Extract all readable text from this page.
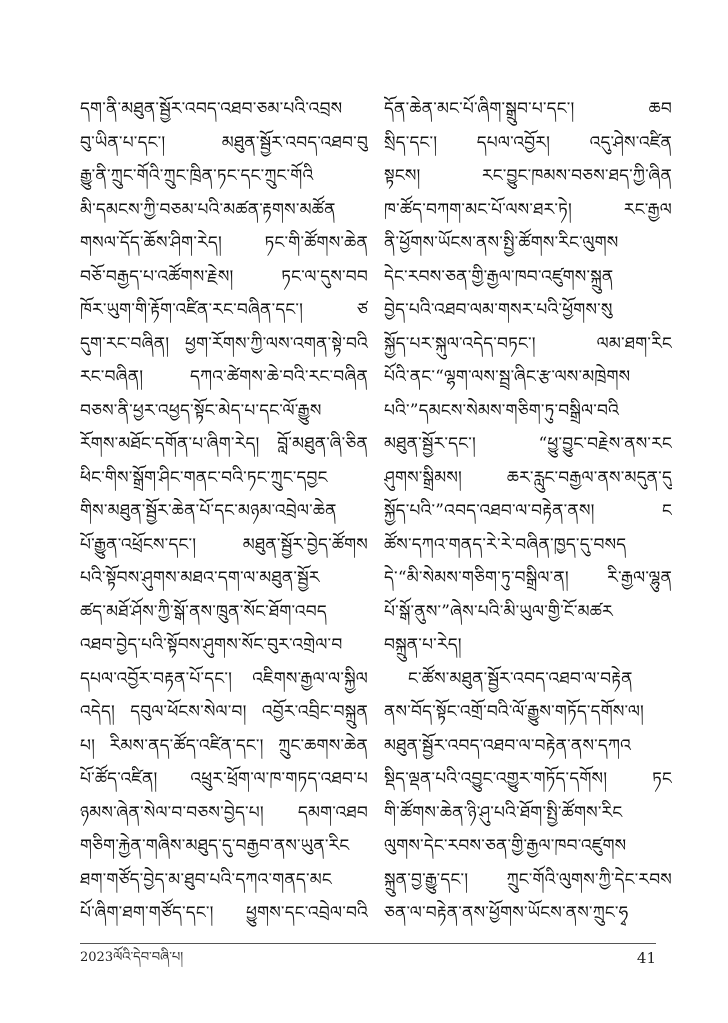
དག་ནི་མཐུན་སྦྱོར་འབད་འཐབ་ཅམ་པའི་འབྲས
བུ་ཡིན་པ་དང་། མཐུན་སྦྱོར་འབད་འཐབ་བུ
རྒྱུ་ནི་ཀྲུང་གོའི་ཀྲུང་ཁྲིན་ཏང་དང་ཀྲུང་གོའི
མི་དམངས་ཀྱི་བཅམ་པའི་མཚན་རྟགས་མཚོན
གསལ་དོད་ཆོས་ཤིག་རེད། ཏང་གི་ཚོགས་ཆེན
བཅོ་བརྒྱད་པ་འཚོགས་རྗེས། ཏང་ལ་དུས་བབ
ཁོར་ཡུག་གི་རྟོག་འཛིན་རང་བཞིན་དང་། ཙ
དུག་རང་བཞིན། ཕྱག་རོགས་ཀྱི་ལས་འགན་སྟེ་བའི
རང་བཞིན། དཀའ་ཚེགས་ཆེ་བའི་རང་བཞིན
བཅས་ནི་ཕྱར་འཕྱད་སྟོང་མེད་པ་དང་ལོ་རྒྱུས
རོགས་མཐོང་དགོན་པ་ཞིག་རེད། བློ་མཐུན་ཞི་ཅིན
ཕིང་གིས་སྒྲོག་ཤིང་གནང་བའི་ཏང་ཀྲུང་དབྱང
གིས་མཐུན་སྦྱོར་ཆེན་པོ་དང་མཉམ་འབྲེལ་ཆེན
པོ་རྒྱུན་འཕྲོངས་དང་། མཐུན་སྦྱོར་བྱེད་ཚོགས
པའི་སྟོབས་ཤུགས་མཐའ་དག་ལ་མཐུན་སྦྱོར
ཚད་མཐོ་ཤོས་ཀྱི་སྒོ་ནས་ཁྲུན་སོང་ཐོག་འབད
འཐབ་བྱེད་པའི་སྟོབས་ཤུགས་སོང་བུར་འགྲེལ་བ
དཔལ་འབྱོར་བརྟན་པོ་དང་། འཇིགས་རྒྱལ་ལ་སྐྱིལ
འདེད། དབུལ་ཕོངས་སེལ་བ། འབྱོར་འབྲིང་བསྐྲུན
པ། རིམས་ནད་ཚོད་འཛིན་དང་། ཀྲུང་ཆགས་ཆེན
པོ་ཚོད་འཛིན། འཕྲུར་ཕྲོག་ལ་ཁ་གཏད་འཐབ་པ
ཉམས་ཞེན་སེལ་བ་བཅས་བྱེད་པ། དམག་འཐབ
གཅིག་རྐྱེན་གཞིས་མཐུད་དུ་བརྒྱབ་ནས་ཡུན་རིང
ཐག་གཙོད་བྱེད་མ་ཐུབ་པའི་དཀའ་གནད་མང
པོ་ཞིག་ཐག་གཙོད་དང་། ཕྱུགས་དང་འབྲེལ་བའི
དོན་ཆེན་མང་པོ་ཞིག་སྒྲུབ་པ་དང་། ཆབ
སྲིད་དང་། དཔལ་འབྱོར། འདུ་ཤེས་འཛིན
སྟངས། རང་བྱུང་ཁམས་བཅས་ཐད་ཀྱི་ཞིན
ཁ་ཚོད་བཀག་མང་པོ་ལས་ཐར་ཏེ། རང་རྒྱལ
ནི་ཕྱོགས་ཡོངས་ནས་སྤྱི་ཚོགས་རིང་ལུགས
དེང་རབས་ཅན་གྱི་རྒྱལ་ཁབ་འཛུགས་སྐྲུན
བྱེད་པའི་འཐབ་ལམ་གསར་པའི་ཕྱོགས་སུ
སྐྱོད་པར་སྐུལ་འདེད་བཏང་། ལམ་ཐག་རིང
པོའི་ནང་“ལྷག་ལས་སྦྲ་ཞིང་རྩ་ལས་མཁྲེགས
པའི་”དམངས་སེམས་གཅིག་ཏུ་བསྒྲིལ་བའི
མཐུན་སྦྱོར་དང་། “ཕྱུ་བྱུང་བརྗེས་ནས་རང
ཤུགས་སྒྲིམས། ཆར་རླུང་བརྒྱལ་ནས་མདུན་དུ
སྐྱོད་པའི་”འབད་འཐབ་ལ་བརྟེན་ནས། ང
ཚོས་དཀའ་གནད་རེ་རེ་བཞིན་ཁྱད་དུ་བསད
དེ་“མི་སེམས་གཅིག་ཏུ་བསྒྲིལ་ན། རི་རྒྱལ་ལྷུན
པོ་སྒོ་ནུས་”ཞེས་པའི་མི་ཡུལ་གྱི་ངོ་མཚར
བསྐྲུན་པ་རེད།
ང་ཚོས་མཐུན་སྦྱོར་འབད་འཐབ་ལ་བརྟེན
ནས་བོད་སྟོང་འགྲོ་བའི་ལོ་རྒྱུས་གཏོད་དགོས་ལ།
མཐུན་སྦྱོར་འབད་འཐབ་ལ་བརྟེན་ནས་དཀའ
སྡིད་ལྡན་པའི་འབྱུང་འགྱུར་གཏོད་དགོས། ཏང
གི་ཚོགས་ཆེན་ཉི་ཤུ་པའི་ཐོག་སྤྱི་ཚོགས་རིང
ལུགས་དེང་རབས་ཅན་གྱི་རྒྱལ་ཁབ་འཛུགས
སྐྲུན་བྱ་རྒྱུ་དང་། ཀྲུང་གོའི་ལུགས་ཀྱི་དེང་རབས
ཅན་ལ་བརྟེན་ནས་ཕྱོགས་ཡོངས་ནས་ཀྲུང་ཧྭ
2023ལོའི་དེབ་བཞི་པ།	41
